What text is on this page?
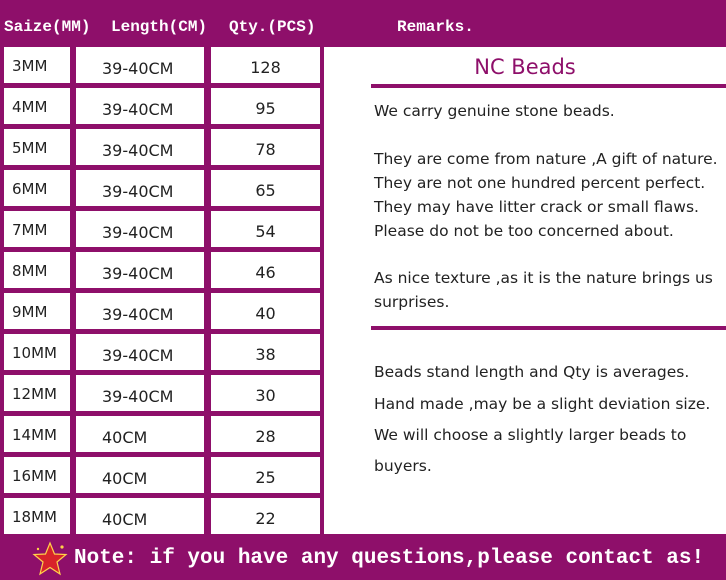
Saize(MM) Length(CM) Qty.(PCS)	Remarks.
3MM	39-40CM	128
4MM	39-40CM	95
5MM	39-40CM	78
6MM	39-40CM	65
7MM	39-40CM	54
8MM	39-40CM	46
9MM	39-40CM	40
10MM	39-40CM	38
12MM	39-40CM	30
14MM	40CM	28
16MM	40CM	25
18MM	40CM	22
NC Beads
We carry genuine stone beads.
They are come from nature ,A gift of nature.
They are not one hundred percent perfect.
They may have litter crack or small flaws.
Please do not be too concerned about.
As nice texture ,as it is the nature brings us
surprises.
Beads stand length and Qty is averages.
Hand made ,may be a slight deviation size.
We will choose a slightly larger beads to
buyers.
Note: if you have any questions,please contact as!
